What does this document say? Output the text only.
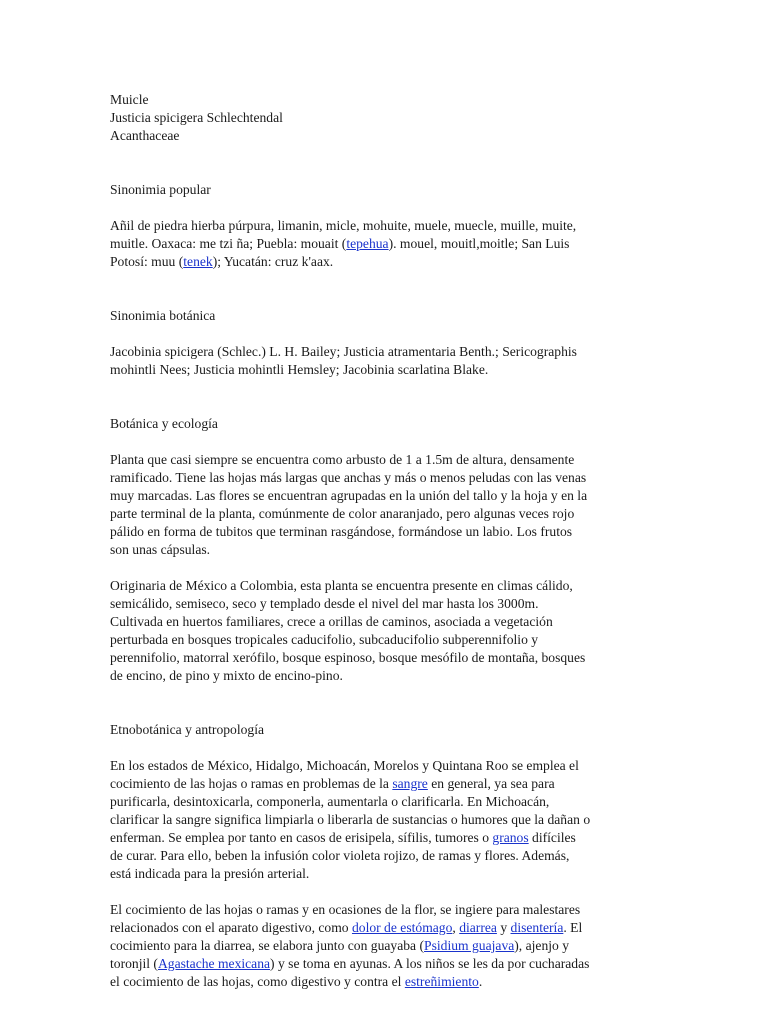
Muicle
Justicia spicigera Schlechtendal
Acanthaceae
Sinonimia popular
Añil de piedra hierba púrpura, limanin, micle, mohuite, muele, muecle, muille, muite,
muitle. Oaxaca: me tzi ña; Puebla: mouait (tepehua). mouel, mouitl,moitle; San Luis
Potosí: muu (tenek); Yucatán: cruz k'aax.
Sinonimia botánica
Jacobinia spicigera (Schlec.) L. H. Bailey; Justicia atramentaria Benth.; Sericographis
mohintli Nees; Justicia mohintli Hemsley; Jacobinia scarlatina Blake.
Botánica y ecología
Planta que casi siempre se encuentra como arbusto de 1 a 1.5m de altura, densamente
ramificado. Tiene las hojas más largas que anchas y más o menos peludas con las venas
muy marcadas. Las flores se encuentran agrupadas en la unión del tallo y la hoja y en la
parte terminal de la planta, comúnmente de color anaranjado, pero algunas veces rojo
pálido en forma de tubitos que terminan rasgándose, formándose un labio. Los frutos
son unas cápsulas.
Originaria de México a Colombia, esta planta se encuentra presente en climas cálido,
semicálido, semiseco, seco y templado desde el nivel del mar hasta los 3000m.
Cultivada en huertos familiares, crece a orillas de caminos, asociada a vegetación
perturbada en bosques tropicales caducifolio, subcaducifolio subperennifolio y
perennifolio, matorral xerófilo, bosque espinoso, bosque mesófilo de montaña, bosques
de encino, de pino y mixto de encino-pino.
Etnobotánica y antropología
En los estados de México, Hidalgo, Michoacán, Morelos y Quintana Roo se emplea el
cocimiento de las hojas o ramas en problemas de la sangre en general, ya sea para
purificarla, desintoxicarla, componerla, aumentarla o clarificarla. En Michoacán,
clarificar la sangre significa limpiarla o liberarla de sustancias o humores que la dañan o
enferman. Se emplea por tanto en casos de erisipela, sífilis, tumores o granos difíciles
de curar. Para ello, beben la infusión color violeta rojizo, de ramas y flores. Además,
está indicada para la presión arterial.
El cocimiento de las hojas o ramas y en ocasiones de la flor, se ingiere para malestares
relacionados con el aparato digestivo, como dolor de estómago, diarrea y disentería. El
cocimiento para la diarrea, se elabora junto con guayaba (Psidium guajava), ajenjo y
toronjil (Agastache mexicana) y se toma en ayunas. A los niños se les da por cucharadas
el cocimiento de las hojas, como digestivo y contra el estreñimiento.
